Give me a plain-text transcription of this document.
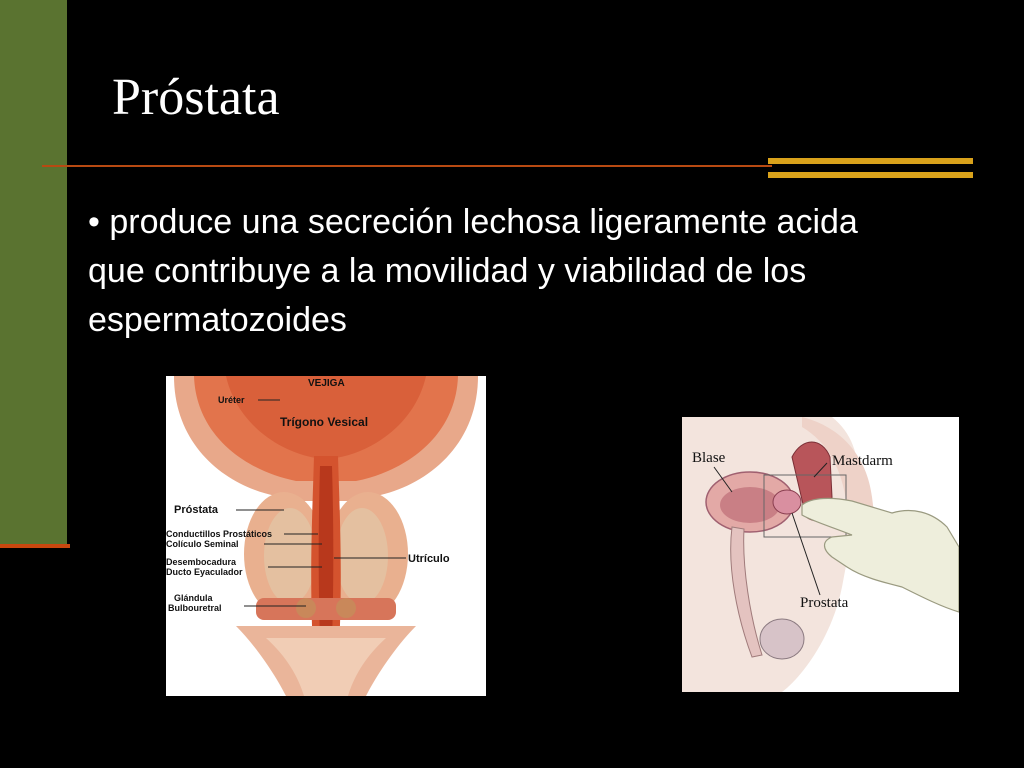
Próstata

• produce una secreción lechosa ligeramente acida que contribuye a la movilidad y viabilidad de los espermatozoides

VEJIGA
Uréter
Trígono Vesical
Próstata
Conductillos Prostáticos
Colículo Seminal
Utrículo
Desembocadura
Ducto Eyaculador
Glándula
Bulbouretral
Blase	Mastdarm
Prostata
